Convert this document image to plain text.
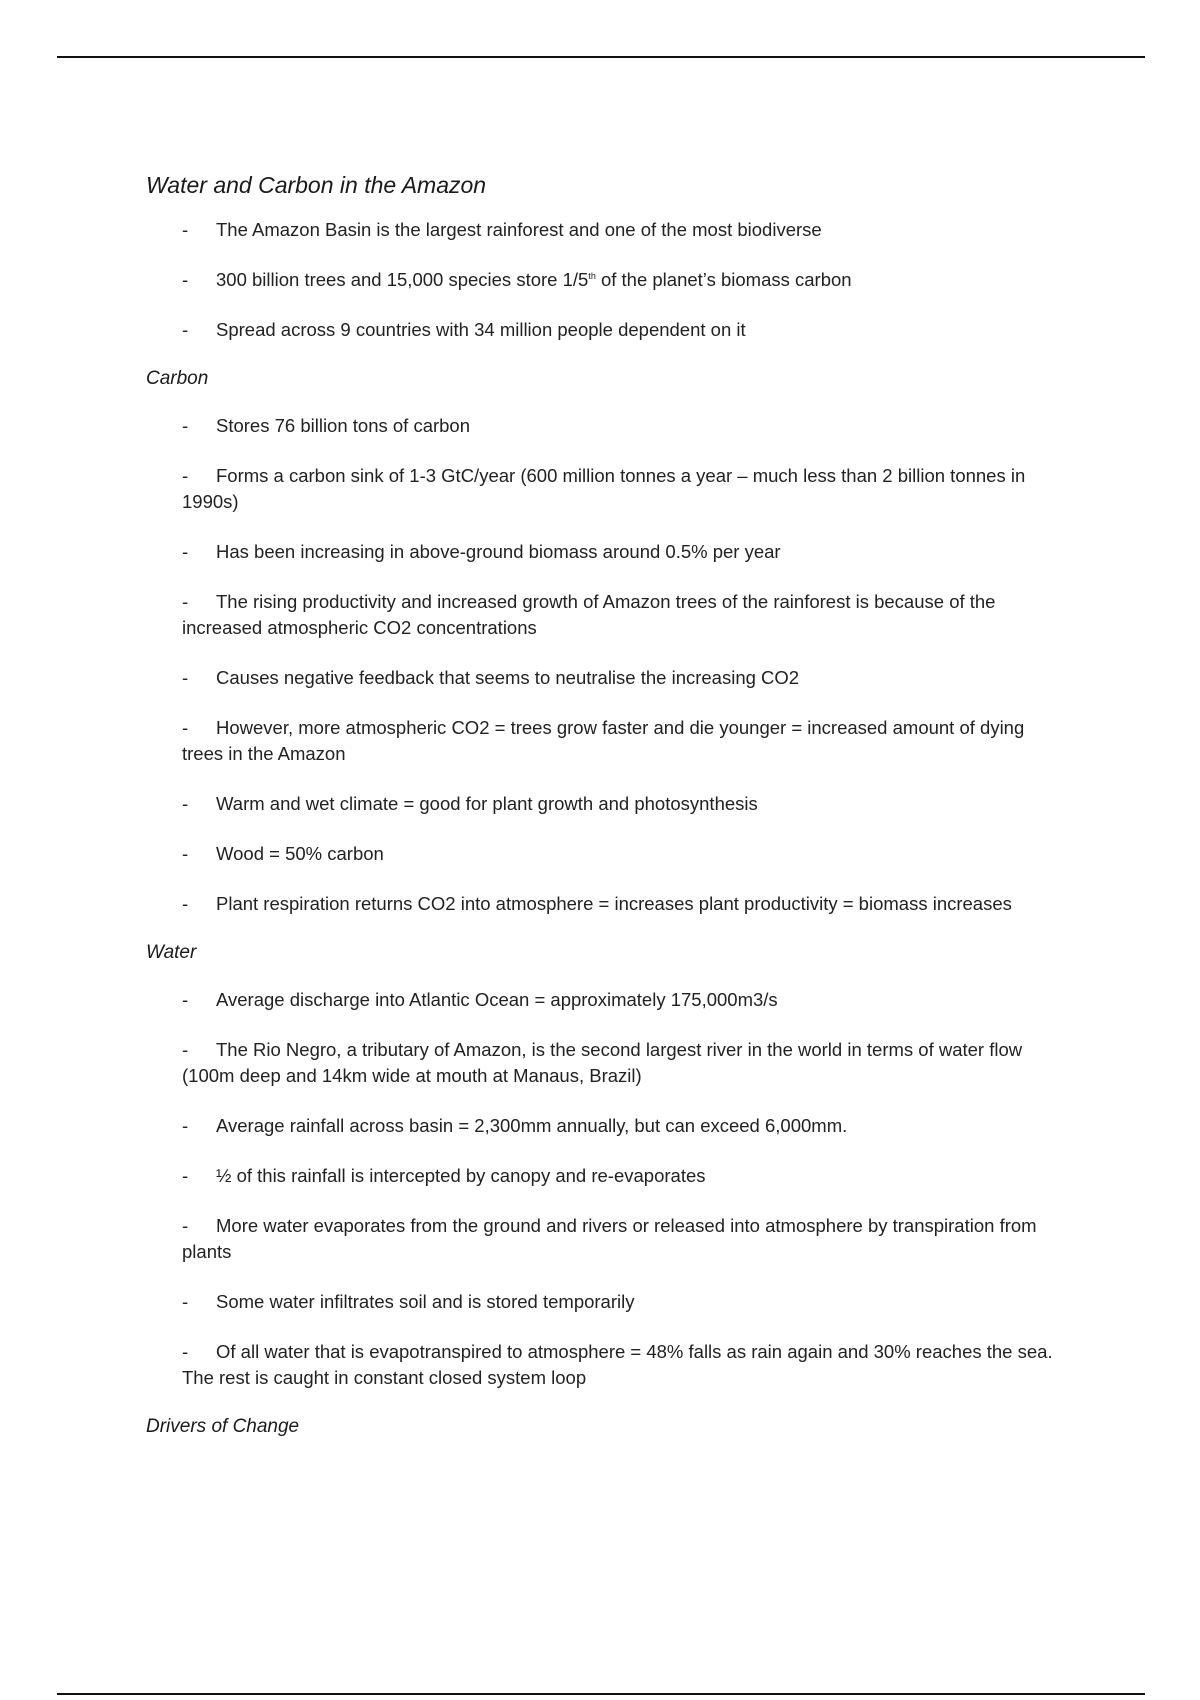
Water and Carbon in the Amazon
-	The Amazon Basin is the largest rainforest and one of the most biodiverse
-	300 billion trees and 15,000 species store 1/5th of the planet’s biomass carbon
-	Spread across 9 countries with 34 million people dependent on it
Carbon
-	Stores 76 billion tons of carbon
- Forms a carbon sink of 1-3 GtC/year (600 million tonnes a year – much less than 2 billion tonnes in 1990s)
-	Has been increasing in above-ground biomass around 0.5% per year
- The rising productivity and increased growth of Amazon trees of the rainforest is because of the increased atmospheric CO2 concentrations
-	Causes negative feedback that seems to neutralise the increasing CO2
- However, more atmospheric CO2 = trees grow faster and die younger = increased amount of dying trees in the Amazon
-	Warm and wet climate = good for plant growth and photosynthesis
-	Wood = 50% carbon
- Plant respiration returns CO2 into atmosphere = increases plant productivity = biomass increases
Water
-	Average discharge into Atlantic Ocean = approximately 175,000m3/s
- The Rio Negro, a tributary of Amazon, is the second largest river in the world in terms of water flow (100m deep and 14km wide at mouth at Manaus, Brazil)
-	Average rainfall across basin = 2,300mm annually, but can exceed 6,000mm.
-	½ of this rainfall is intercepted by canopy and re-evaporates
- More water evaporates from the ground and rivers or released into atmosphere by transpiration from plants
-	Some water infiltrates soil and is stored temporarily
- Of all water that is evapotranspired to atmosphere = 48% falls as rain again and 30% reaches the sea. The rest is caught in constant closed system loop
Drivers of Change
